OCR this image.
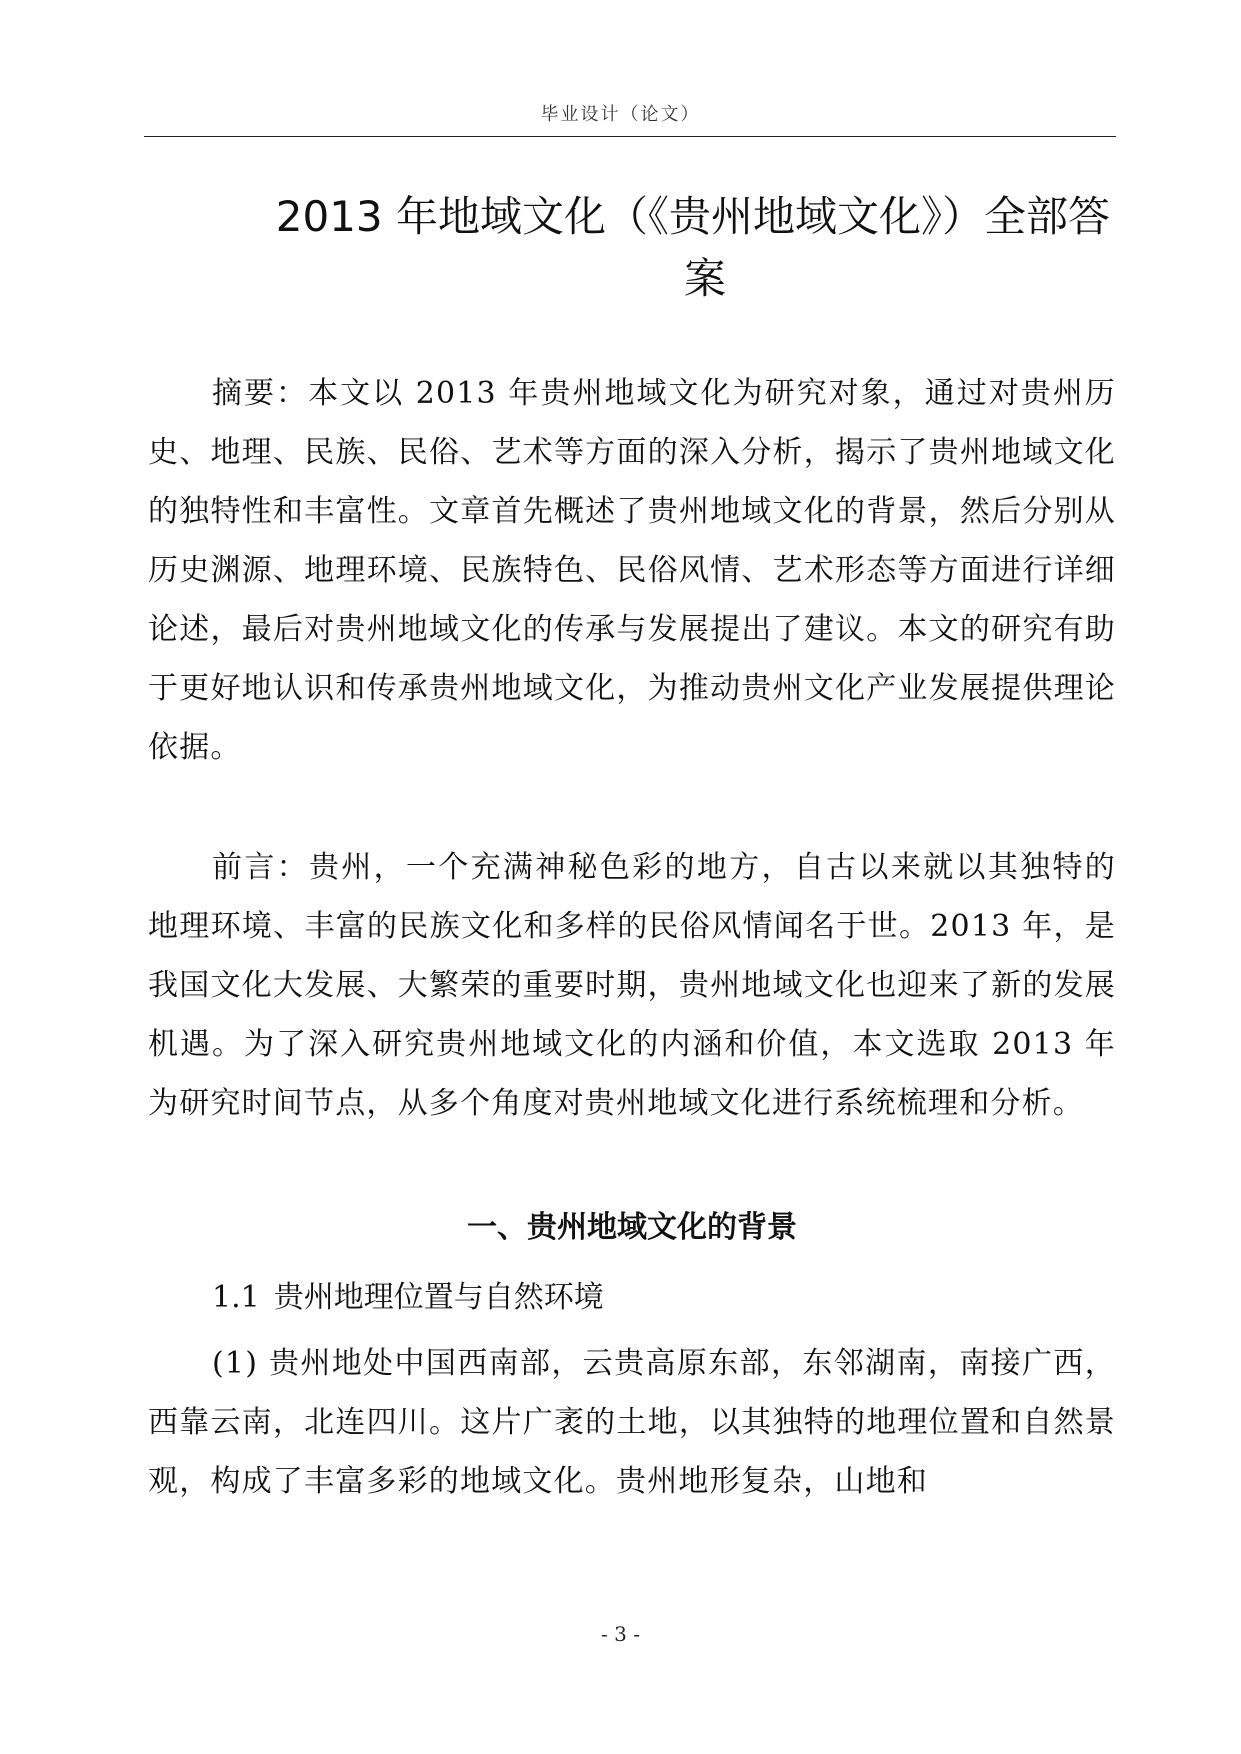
毕业设计（论文）
2013 年地域文化（《贵州地域文化》）全部答
案

摘要：本文以 2013 年贵州地域文化为研究对象，通过对贵州历史、地理、民族、民俗、艺术等方面的深入分析，揭示了贵州地域文化的独特性和丰富性。文章首先概述了贵州地域文化的背景，然后分别从历史渊源、地理环境、民族特色、民俗风情、艺术形态等方面进行详细论述，最后对贵州地域文化的传承与发展提出了建议。本文的研究有助于更好地认识和传承贵州地域文化，为推动贵州文化产业发展提供理论依据。

前言：贵州，一个充满神秘色彩的地方，自古以来就以其独特的地理环境、丰富的民族文化和多样的民俗风情闻名于世。2013 年，是我国文化大发展、大繁荣的重要时期，贵州地域文化也迎来了新的发展机遇。为了深入研究贵州地域文化的内涵和价值，本文选取 2013 年为研究时间节点，从多个角度对贵州地域文化进行系统梳理和分析。

一、贵州地域文化的背景
1.1 贵州地理位置与自然环境

(1) 贵州地处中国西南部，云贵高原东部，东邻湖南，南接广西，西靠云南，北连四川。这片广袤的土地，以其独特的地理位置和自然景观，构成了丰富多彩的地域文化。贵州地形复杂，山地和

- 3 -
